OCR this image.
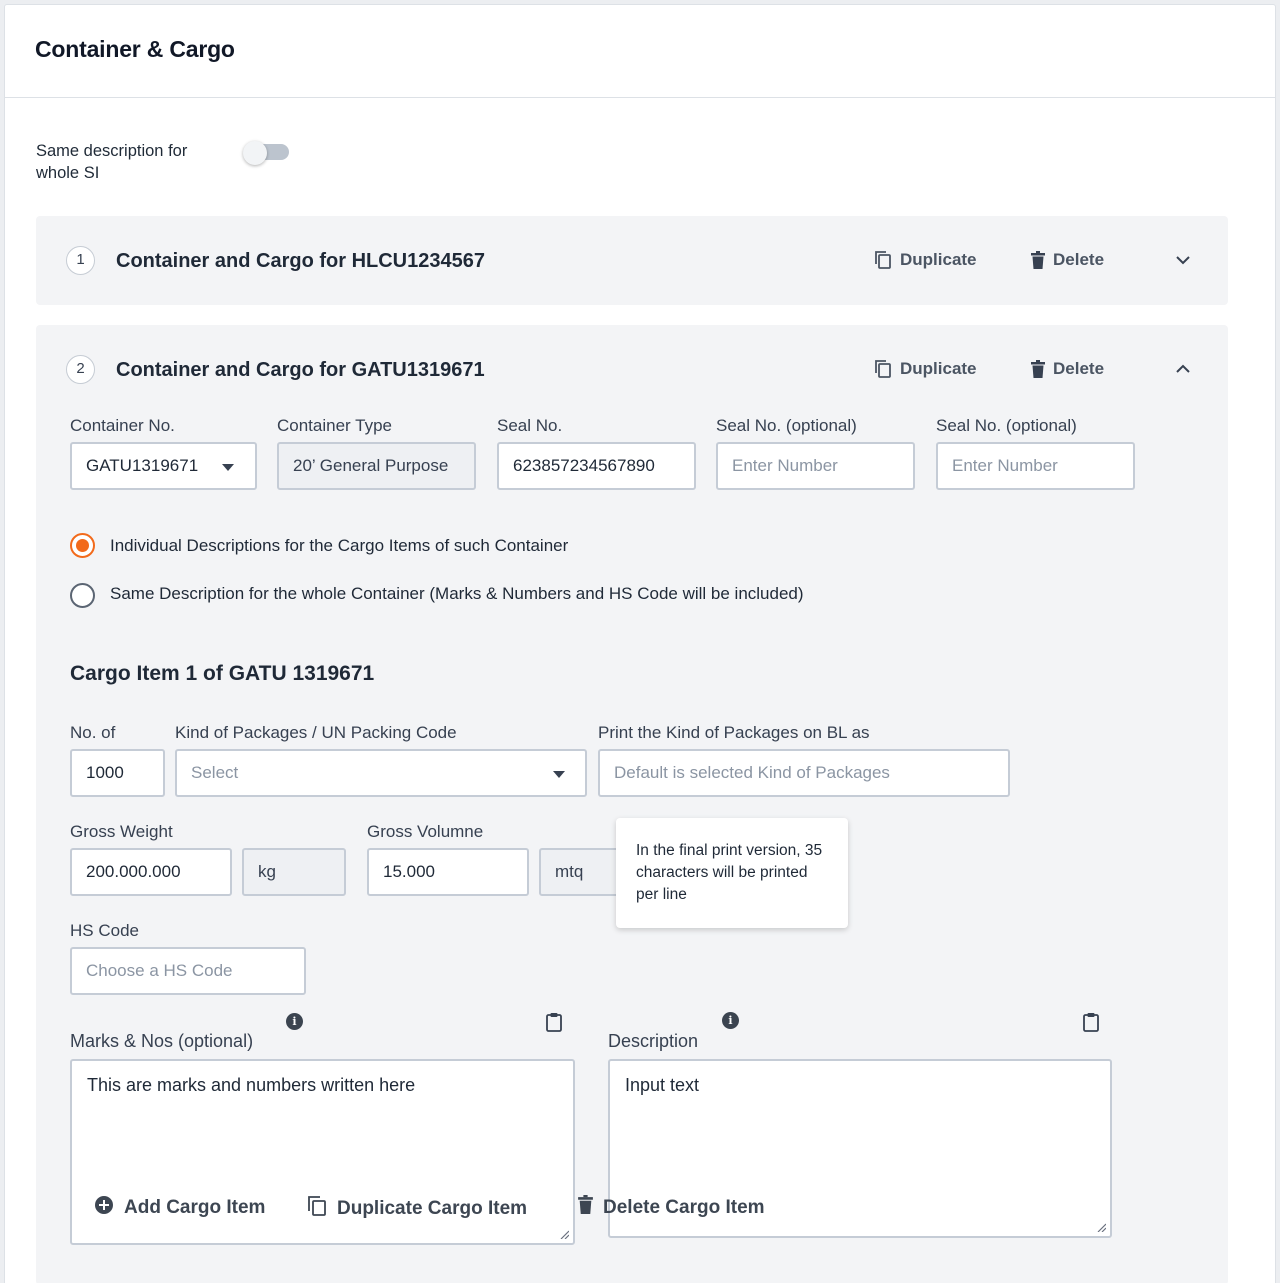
Container & Cargo
Same description for whole SI
1	Container and Cargo for HLCU1234567	Duplicate	Delete
2	Container and Cargo for GATU1319671	Duplicate	Delete
Container No.
GATU1319671
Container Type
20’ General Purpose
Seal No.
623857234567890
Seal No. (optional)
Enter Number
Seal No. (optional)
Enter Number
Individual Descriptions for the Cargo Items of such Container
Same Description for the whole Container (Marks & Numbers and HS Code will be included)
Cargo Item 1 of GATU 1319671
No. of
1000
Kind of Packages / UN Packing Code
Select
Print the Kind of Packages on BL as
Default is selected Kind of Packages
Gross Weight
200.000.000	kg
Gross Volumne
15.000	mtq
In the final print version, 35 characters will be printed per line
HS Code
Choose a HS Code
Marks & Nos (optional)
i
This are marks and numbers written here
Description
i
Input text
Add Cargo Item	Duplicate Cargo Item	Delete Cargo Item
